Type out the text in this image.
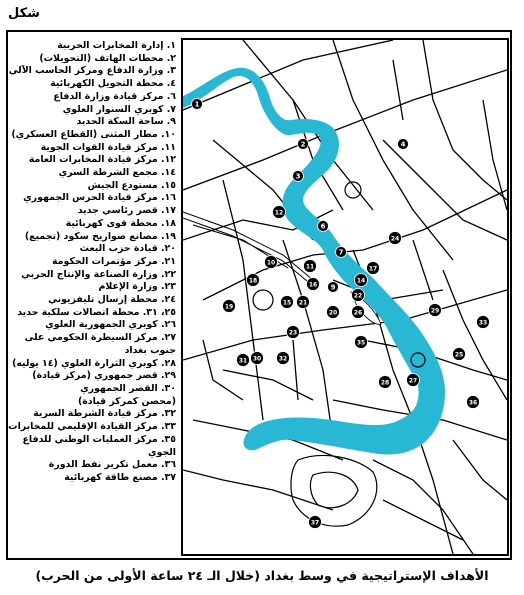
شكل
١. إدارة المخابرات الحربية
٢. محطات الهاتف (التحويلات)
٣. وزارة الدفاع ومركز الحاسب الآلي
٤. محطة التحويل الكهربائية
٦. مركز قيادة وزارة الدفاع
٧. كوبري السنوار العلوي
٩. ساحة السكة الحديد
١٠. مطار المثنى (القطاع العسكري)
١١. مركز قيادة القوات الجوية
١٢. مركز قيادة المخابرات العامة
١٤. مجمع الشرطة السري
١٥. مستودع الجيش
١٦. مركز قيادة الحرس الجمهوري
١٧. قصر رئاسي جديد
١٨. محطة قوى كهربائية
١٩. مصانع صواريخ سكود (تجميع)
٢٠. قيادة حزب البعث
٢١. مركز مؤتمرات الحكومة
٢٢. وزارة الصناعة والإنتاج الحربي
٢٣. وزارة الإعلام
٢٤. محطة إرسال تليفزيوني
٢٥، ٣١. محطة اتصالات سلكية حديد
٢٦. كوبري الجمهورية العلوي
٢٧. مركز السيطرة الحكومي على
جنوب بغداد
٢٨. كوبري الثرارة العلوي (١٤ يوليه)
٢٩. قصر جمهوري (مركز قيادة)
٣٠. القصر الجمهوري
(محصن كمركز قيادة)
٣٢. مركز قيادة الشرطة السرية
٣٣. مركز القيادة الإقليمي للمخابرات
٣٥. مركز العمليات الوطني للدفاع
الجوي
٣٦. معمل تكرير نفط الدورة
٣٧. مصنع طاقة كهربائية
1
2
3
4
6
7
9
10
11
12
14
15
16
17
18
19
20
21
22
23
24
25
26
27
28
29
30
31	32
33
35
36
37
الأهداف الإستراتيجية في وسط بغداد (خلال الـ ٢٤ ساعة الأولى من الحرب)
